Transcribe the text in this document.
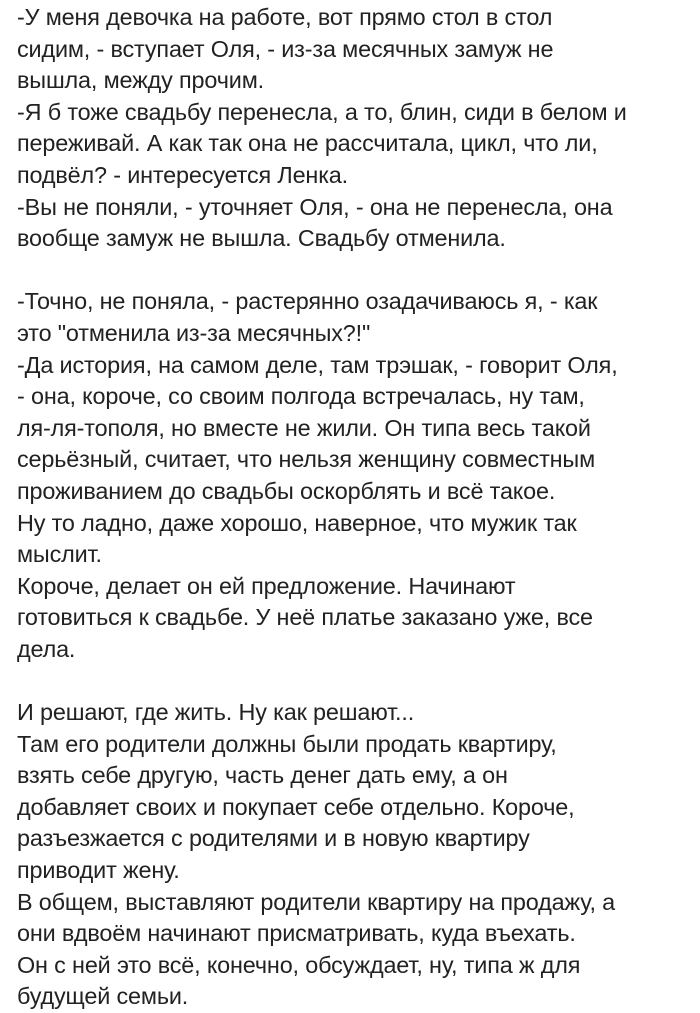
-У меня девочка на работе, вот прямо стол в стол
сидим, - вступает Оля, - из-за месячных замуж не
вышла, между прочим.
-Я б тоже свадьбу перенесла, а то, блин, сиди в белом и
переживай. А как так она не рассчитала, цикл, что ли,
подвёл? - интересуется Ленка.
-Вы не поняли, - уточняет Оля, - она не перенесла, она
вообще замуж не вышла. Свадьбу отменила.
-Точно, не поняла, - растерянно озадачиваюсь я, - как
это "отменила из-за месячных?!"
-Да история, на самом деле, там трэшак, - говорит Оля,
- она, короче, со своим полгода встречалась, ну там,
ля-ля-тополя, но вместе не жили. Он типа весь такой
серьёзный, считает, что нельзя женщину совместным
проживанием до свадьбы оскорблять и всё такое.
Ну то ладно, даже хорошо, наверное, что мужик так
мыслит.
Короче, делает он ей предложение. Начинают
готовиться к свадьбе. У неё платье заказано уже, все
дела.
И решают, где жить. Ну как решают...
Там его родители должны были продать квартиру,
взять себе другую, часть денег дать ему, а он
добавляет своих и покупает себе отдельно. Короче,
разъезжается с родителями и в новую квартиру
приводит жену.
В общем, выставляют родители квартиру на продажу, а
они вдвоём начинают присматривать, куда въехать.
Он с ней это всё, конечно, обсуждает, ну, типа ж для
будущей семьи.
